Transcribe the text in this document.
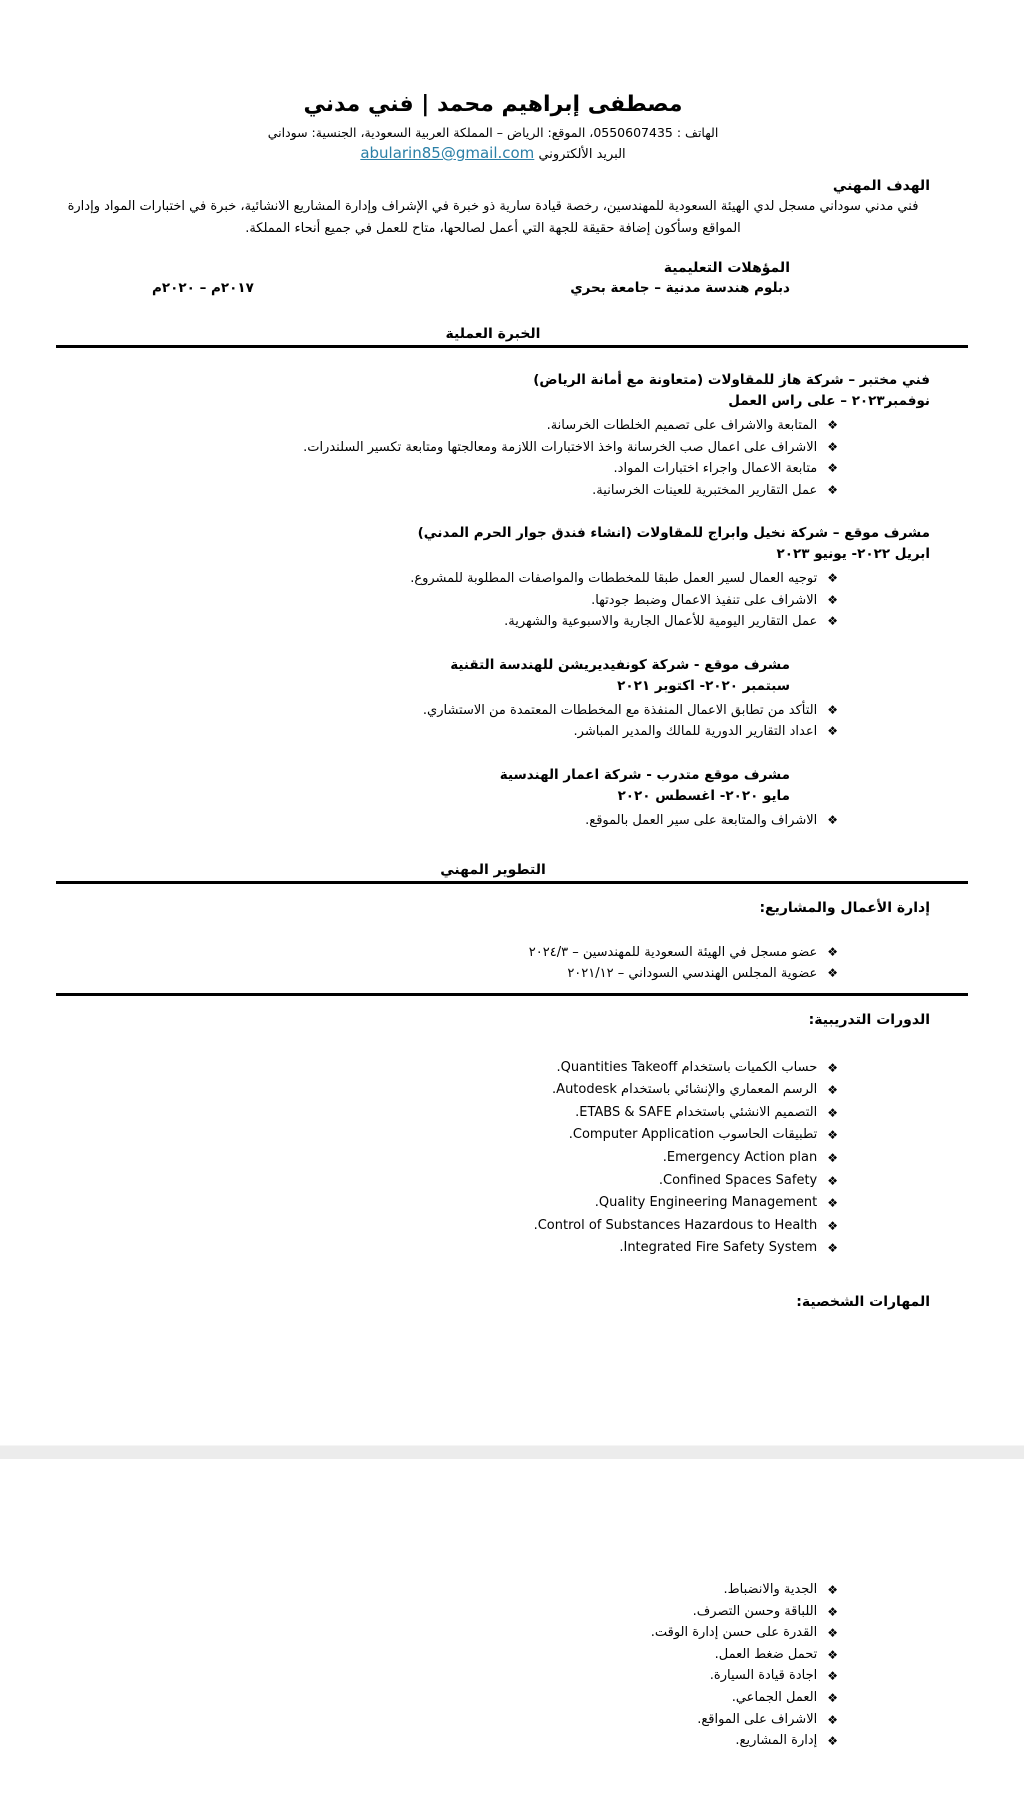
مصطفى إبراهيم محمد | فني مدني

الهاتف : 0550607435، الموقع: الرياض – المملكة العربية السعودية، الجنسية: سوداني

البريد الألكتروني abularin85@gmail.com

الهدف المهني

فني مدني سوداني مسجل لدي الهيئة السعودية للمهندسين، رخصة قيادة سارية ذو خبرة في الإشراف وإدارة المشاريع الانشائية، خبرة في اختبارات المواد وإدارة المواقع وسأكون إضافة حقيقة للجهة التي أعمل لصالحها، متاح للعمل في جميع أنحاء المملكة.

المؤهلات التعليمية
دبلوم هندسة مدنية – جامعة بحري
٢٠١٧م – ٢٠٢٠م
الخبرة العملية

فني مختبر – شركة هاز للمقاولات (متعاونة مع أمانة الرياض)

نوفمبر٢٠٢٣ – على راس العمل

❖
المتابعة والاشراف على تصميم الخلطات الخرسانة.
❖
الاشراف على اعمال صب الخرسانة واخذ الاختبارات اللازمة ومعالجتها ومتابعة تكسير السلندرات.
❖
متابعة الاعمال واجراء اختبارات المواد.
❖
عمل التقارير المختبرية للعينات الخرسانية.

مشرف موقع – شركة نخيل وابراج للمقاولات (انشاء فندق جوار الحرم المدني)

ابريل ٢٠٢٢- يونيو ٢٠٢٣

❖
توجيه العمال لسير العمل طبقا للمخططات والمواصفات المطلوبة للمشروع.
❖
الاشراف على تنفيذ الاعمال وضبط جودتها.
❖
عمل التقارير اليومية للأعمال الجارية والاسبوعية والشهرية.

مشرف موقع - شركة كونفيديريشن للهندسة التقنية

سبتمبر ٢٠٢٠- اكتوبر ٢٠٢١

❖
التأكد من تطابق الاعمال المنفذة مع المخططات المعتمدة من الاستشاري.
❖
اعداد التقارير الدورية للمالك والمدير المباشر.

مشرف موقع متدرب - شركة اعمار الهندسية

مايو ٢٠٢٠- اغسطس ٢٠٢٠

❖
الاشراف والمتابعة على سير العمل بالموقع.
التطوير المهني
إدارة الأعمال والمشاريع:
❖
عضو مسجل في الهيئة السعودية للمهندسين – ٢٠٢٤/٣
❖
عضوية المجلس الهندسي السوداني – ٢٠٢١/١٢
الدورات التدريبية:
❖
حساب الكميات باستخدام Quantities Takeoff.
❖
الرسم المعماري والإنشائي باستخدام Autodesk.
❖
التصميم الانشئي باستخدام ETABS & SAFE.
❖
تطبيقات الحاسوب Computer Application.
❖
Emergency Action plan.
❖
Confined Spaces Safety.
❖
Quality Engineering Management.
❖
Control of Substances Hazardous to Health.
❖
Integrated Fire Safety System.
المهارات الشخصية:
❖
الجدية والانضباط.
❖
اللباقة وحسن التصرف.
❖
القدرة على حسن إدارة الوقت.
❖
تحمل ضغط العمل.
❖
اجادة قيادة السيارة.
❖
العمل الجماعي.
❖
الاشراف على المواقع.
❖
إدارة المشاريع.
